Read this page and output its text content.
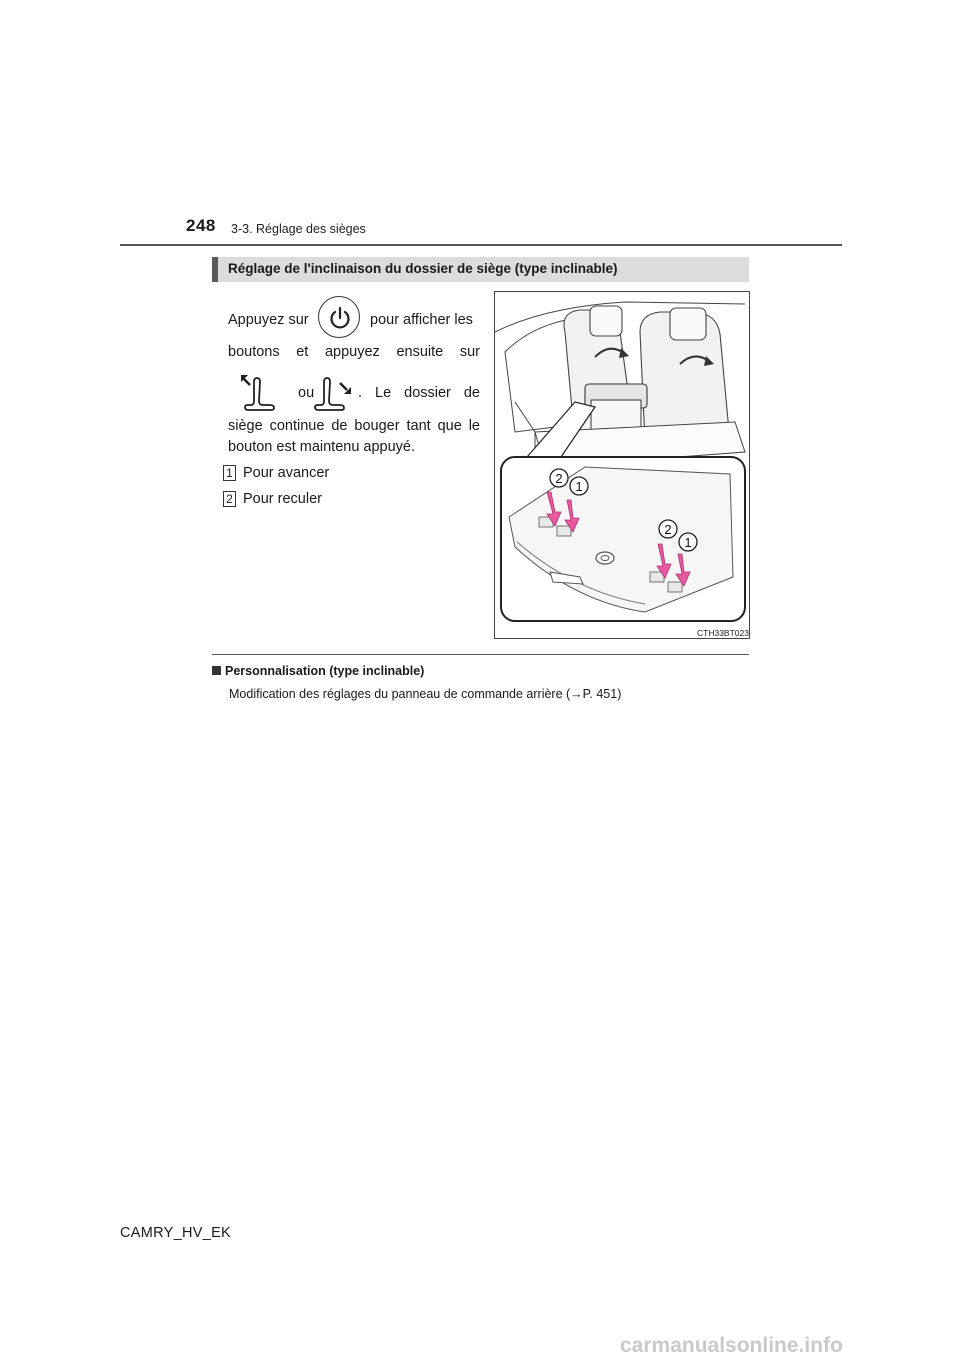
248 3-3. Réglage des sièges
Réglage de l'inclinaison du dossier de siège (type inclinable)
Appuyez sur	pour afficher les
boutons et appuyez ensuite sur
ou	. Le dossier de
siège continue de bouger tant que le
bouton est maintenu appuyé.
1 Pour avancer
2 Pour reculer
2
1
2
1
CTH33BT023
Personnalisation (type inclinable)
Modification des réglages du panneau de commande arrière (→P. 451)
CAMRY_HV_EK
carmanualsonline.info
